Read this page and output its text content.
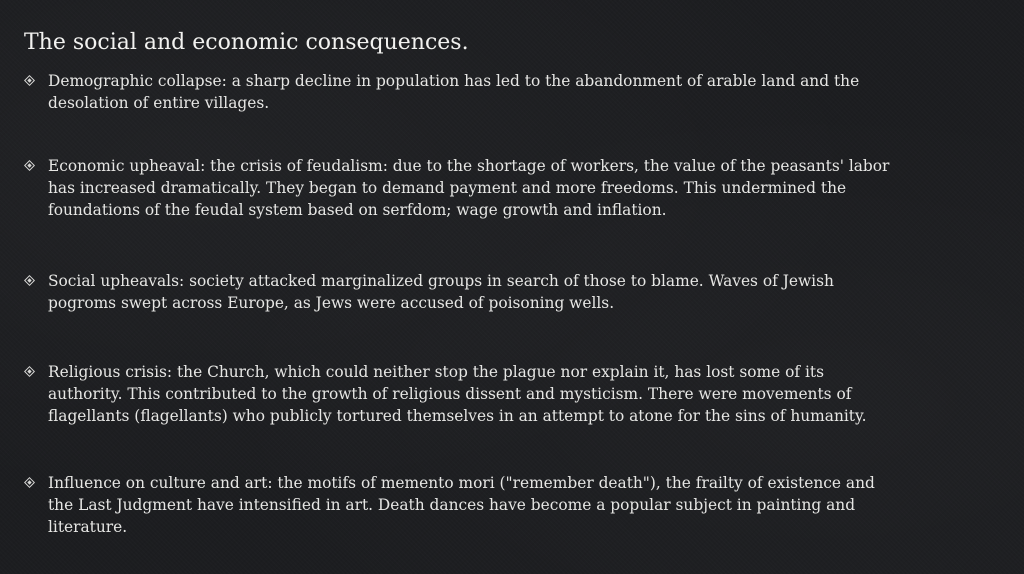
The social and economic consequences.
Demographic collapse: a sharp decline in population has led to the abandonment of arable land and the desolation of entire villages.
Economic upheaval: the crisis of feudalism: due to the shortage of workers, the value of the peasants' labor has increased dramatically. They began to demand payment and more freedoms. This undermined the foundations of the feudal system based on serfdom; wage growth and inflation.
Social upheavals: society attacked marginalized groups in search of those to blame. Waves of Jewish pogroms swept across Europe, as Jews were accused of poisoning wells.
Religious crisis: the Church, which could neither stop the plague nor explain it, has lost some of its authority. This contributed to the growth of religious dissent and mysticism. There were movements of flagellants (flagellants) who publicly tortured themselves in an attempt to atone for the sins of humanity.
Influence on culture and art: the motifs of memento mori ("remember death"), the frailty of existence and the Last Judgment have intensified in art. Death dances have become a popular subject in painting and literature.
